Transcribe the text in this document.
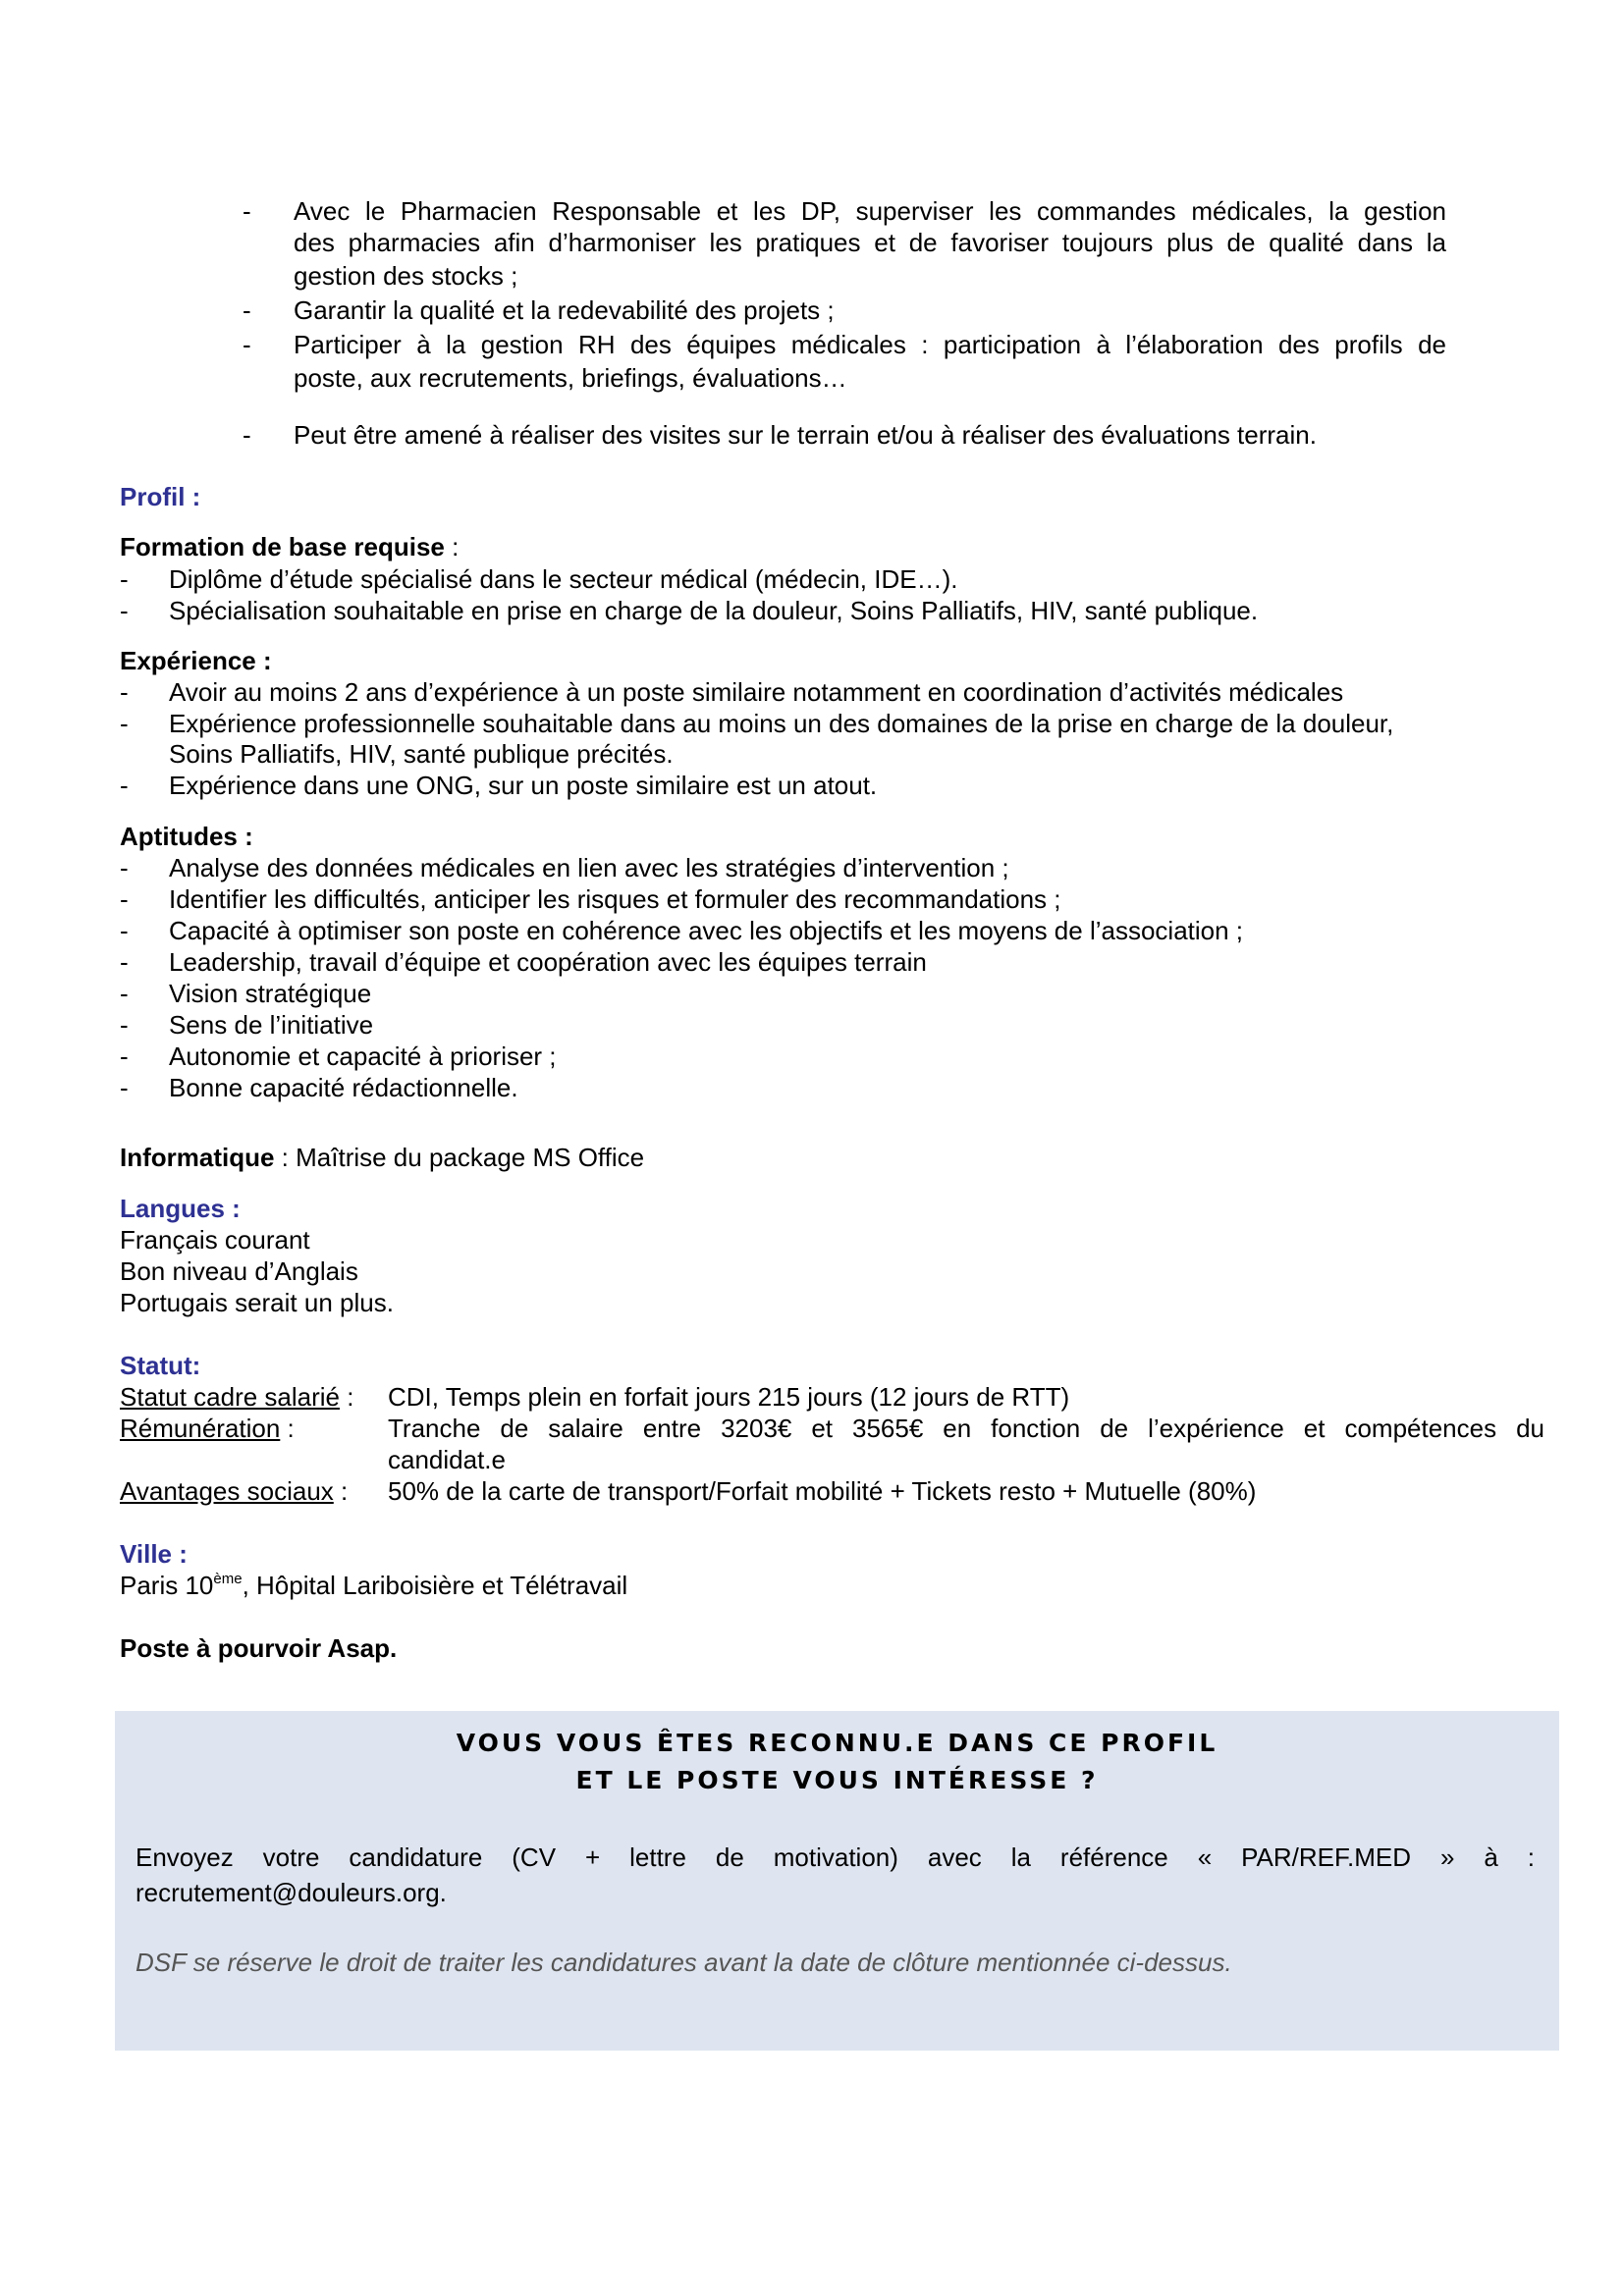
- Avec le Pharmacien Responsable et les DP, superviser les commandes médicales, la gestion
des pharmacies afin d’harmoniser les pratiques et de favoriser toujours plus de qualité dans la
gestion des stocks ;
- Garantir la qualité et la redevabilité des projets ;
- Participer à la gestion RH des équipes médicales : participation à l’élaboration des profils de
poste, aux recrutements, briefings, évaluations…
- Peut être amené à réaliser des visites sur le terrain et/ou à réaliser des évaluations terrain.
Profil :
Formation de base requise :
- Diplôme d’étude spécialisé dans le secteur médical (médecin, IDE…).
- Spécialisation souhaitable en prise en charge de la douleur, Soins Palliatifs, HIV, santé publique.
Expérience :
- Avoir au moins 2 ans d’expérience à un poste similaire notamment en coordination d’activités médicales
- Expérience professionnelle souhaitable dans au moins un des domaines de la prise en charge de la douleur,
Soins Palliatifs, HIV, santé publique précités.
- Expérience dans une ONG, sur un poste similaire est un atout.
Aptitudes :
- Analyse des données médicales en lien avec les stratégies d’intervention ;
- Identifier les difficultés, anticiper les risques et formuler des recommandations ;
- Capacité à optimiser son poste en cohérence avec les objectifs et les moyens de l’association ;
- Leadership, travail d’équipe et coopération avec les équipes terrain
- Vision stratégique
- Sens de l’initiative
- Autonomie et capacité à prioriser ;
- Bonne capacité rédactionnelle.
Informatique : Maîtrise du package MS Office
Langues :
Français courant
Bon niveau d’Anglais
Portugais serait un plus.
Statut:
Statut cadre salarié : CDI, Temps plein en forfait jours 215 jours (12 jours de RTT)
Rémunération :	Tranche de salaire entre 3203€ et 3565€ en fonction de l’expérience et compétences du
candidat.e
Avantages sociaux : 50% de la carte de transport/Forfait mobilité + Tickets resto + Mutuelle (80%)
Ville :
Paris 10ème, Hôpital Lariboisière et Télétravail
Poste à pourvoir Asap.
VOUS VOUS ÊTES RECONNU.E DANS CE PROFIL
ET LE POSTE VOUS INTÉRESSE ?
Envoyez votre candidature (CV + lettre de motivation) avec la référence « PAR/REF.MED » à :
recrutement@douleurs.org.
DSF se réserve le droit de traiter les candidatures avant la date de clôture mentionnée ci-dessus.
